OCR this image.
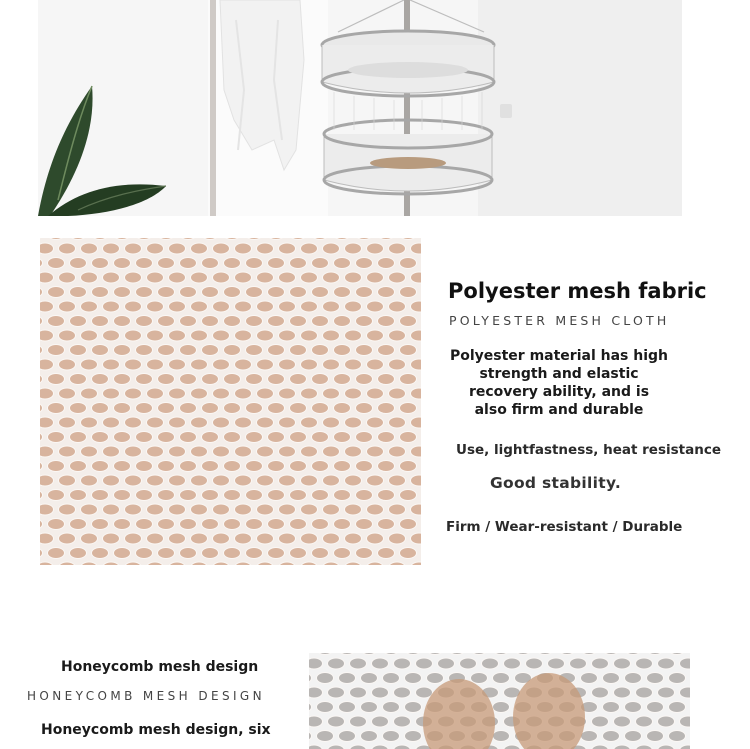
Polyester mesh fabric
POLYESTER MESH CLOTH
Polyester material has high
strength and elastic
recovery ability, and is
also firm and durable
Use, lightfastness, heat resistance
Good stability.
Firm / Wear-resistant / Durable
Honeycomb mesh design
HONEYCOMB MESH DESIGN
Honeycomb mesh design, six
